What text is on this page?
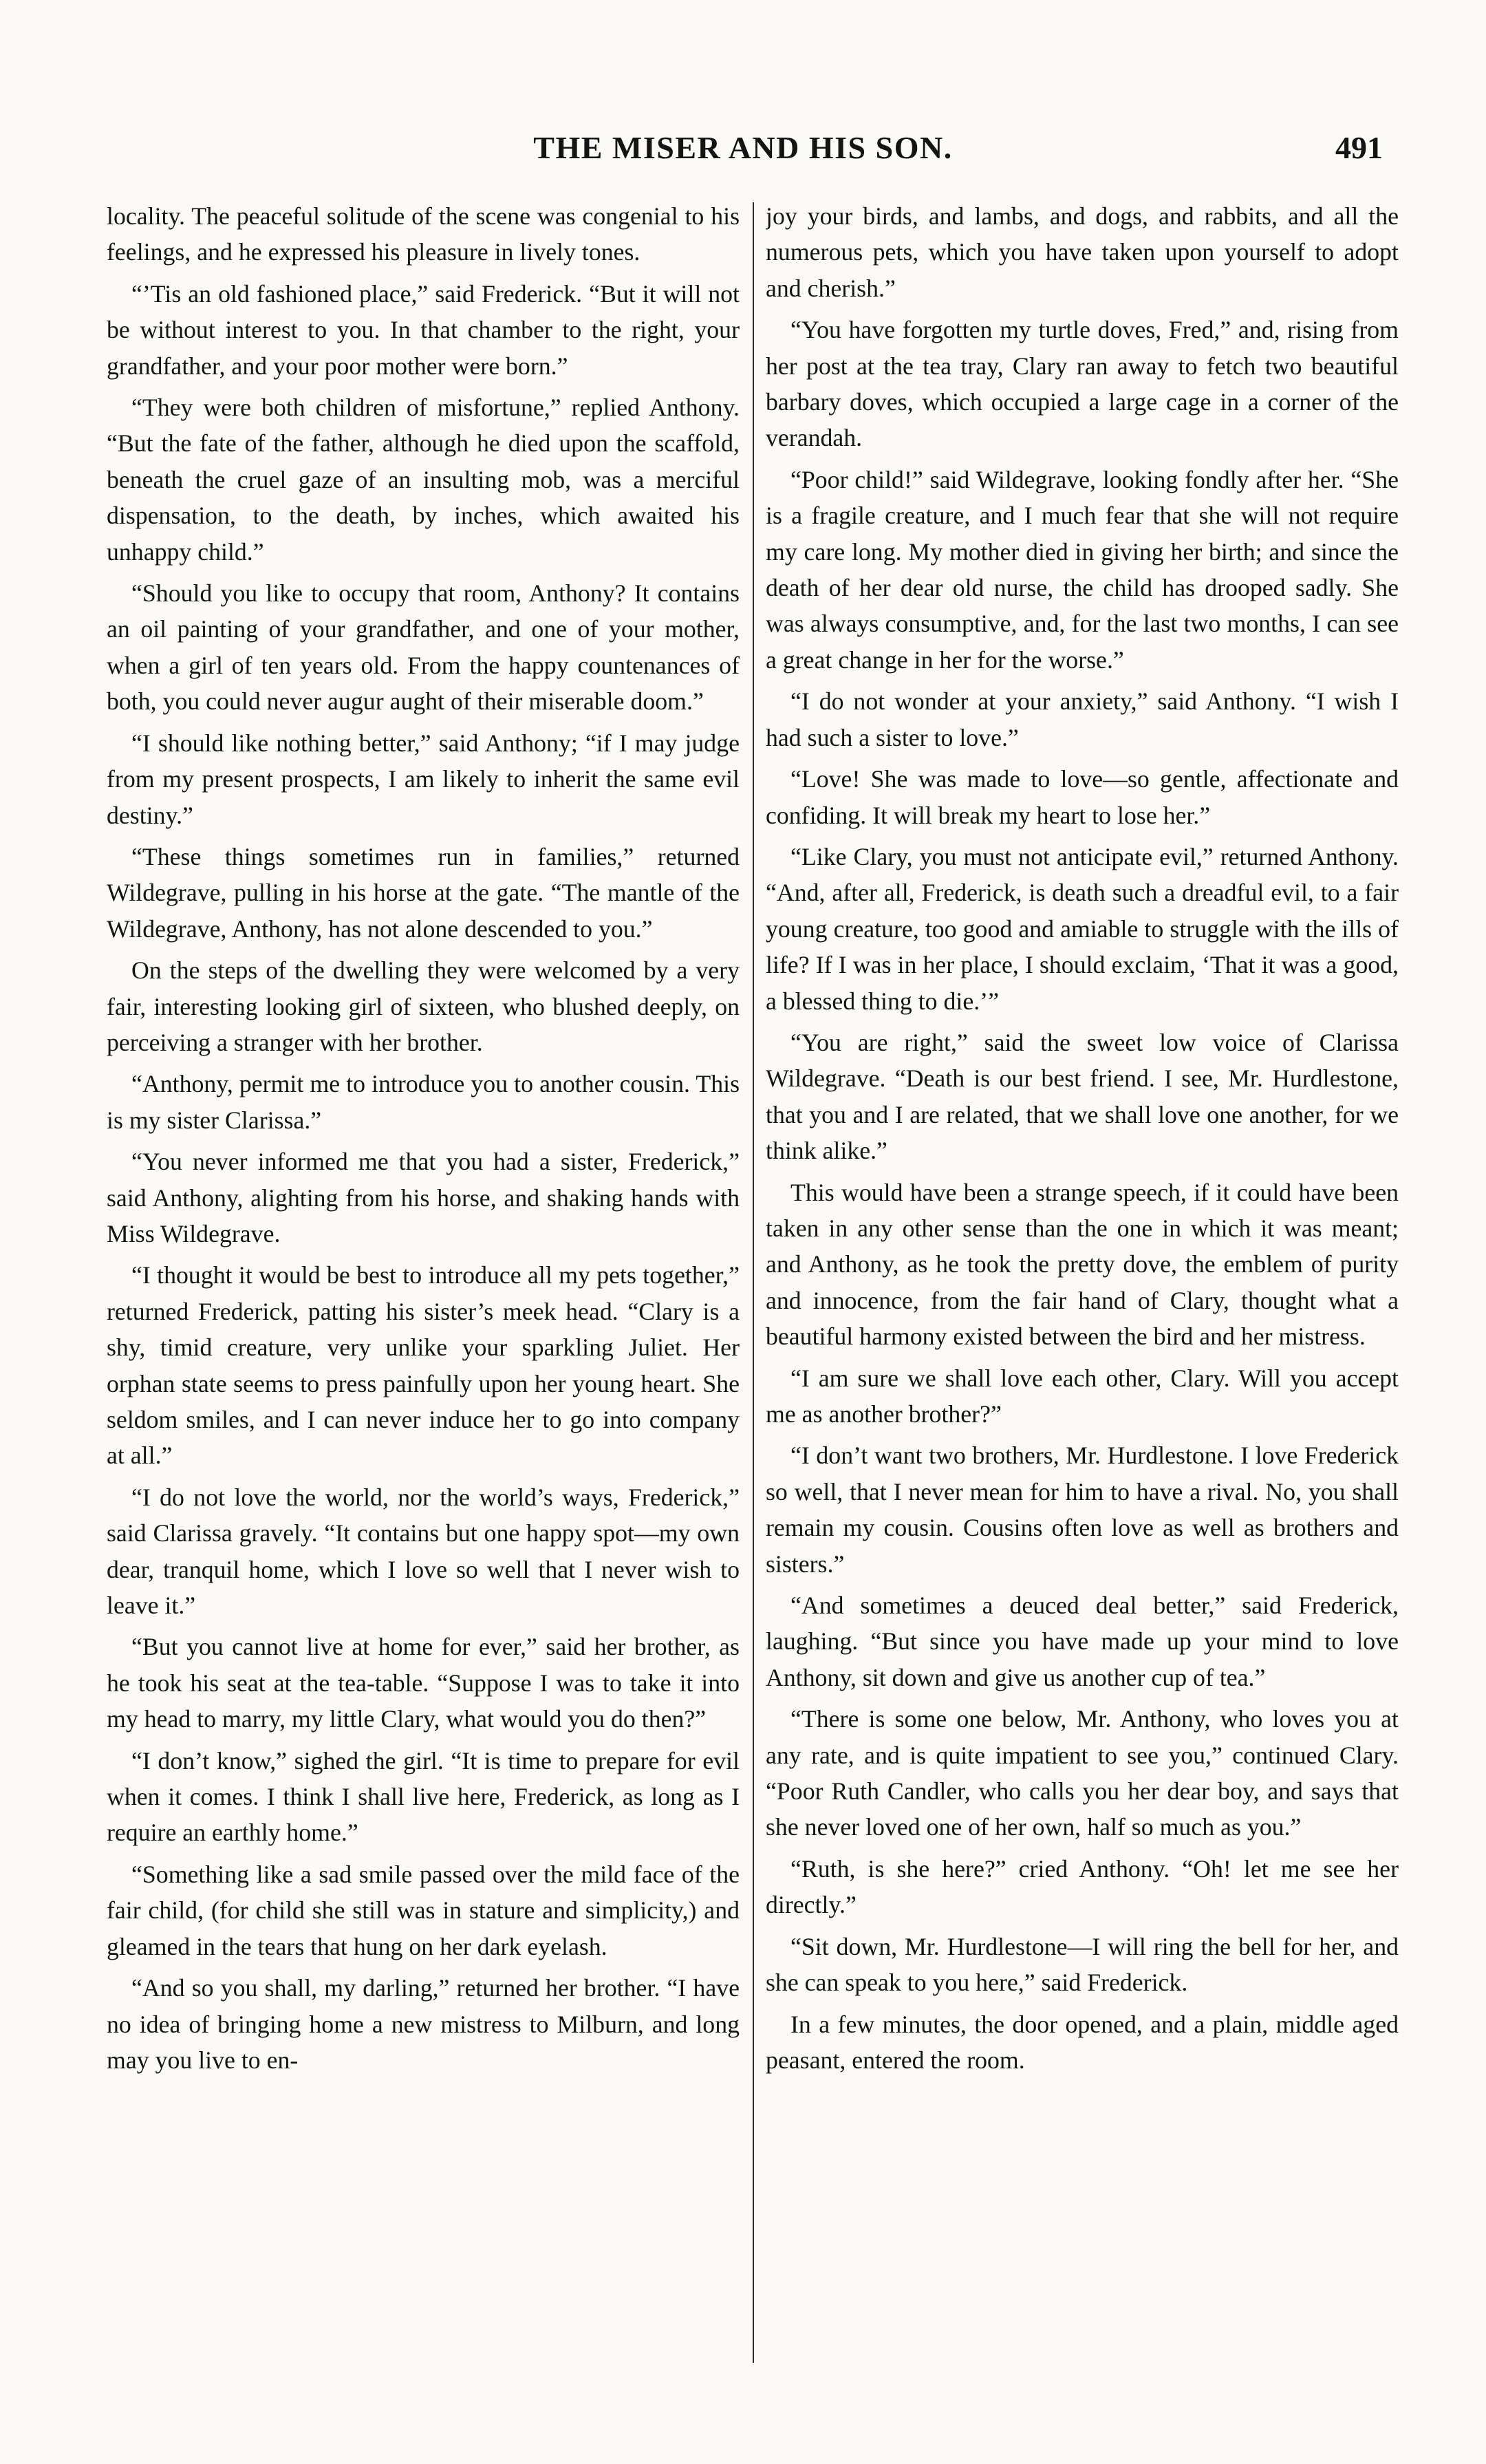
THE MISER AND HIS SON.	491

locality. The peaceful solitude of the scene was congenial to his feelings, and he expressed his pleasure in lively tones.

“’Tis an old fashioned place,” said Frederick. “But it will not be without interest to you. In that chamber to the right, your grandfather, and your poor mother were born.”

“They were both children of misfortune,” replied Anthony. “But the fate of the father, although he died upon the scaffold, beneath the cruel gaze of an insulting mob, was a merciful dispensation, to the death, by inches, which awaited his unhappy child.”

“Should you like to occupy that room, Anthony? It contains an oil painting of your grandfather, and one of your mother, when a girl of ten years old. From the happy countenances of both, you could never augur aught of their miserable doom.”

“I should like nothing better,” said Anthony; “if I may judge from my present prospects, I am likely to inherit the same evil destiny.”

“These things sometimes run in families,” returned Wildegrave, pulling in his horse at the gate. “The mantle of the Wildegrave, Anthony, has not alone descended to you.”

On the steps of the dwelling they were welcomed by a very fair, interesting looking girl of sixteen, who blushed deeply, on perceiving a stranger with her brother.

“Anthony, permit me to introduce you to another cousin. This is my sister Clarissa.”

“You never informed me that you had a sister, Frederick,” said Anthony, alighting from his horse, and shaking hands with Miss Wildegrave.

“I thought it would be best to introduce all my pets together,” returned Frederick, patting his sister’s meek head. “Clary is a shy, timid creature, very unlike your sparkling Juliet. Her orphan state seems to press painfully upon her young heart. She seldom smiles, and I can never induce her to go into company at all.”

“I do not love the world, nor the world’s ways, Frederick,” said Clarissa gravely. “It contains but one happy spot—my own dear, tranquil home, which I love so well that I never wish to leave it.”

“But you cannot live at home for ever,” said her brother, as he took his seat at the tea-table. “Suppose I was to take it into my head to marry, my little Clary, what would you do then?”

“I don’t know,” sighed the girl. “It is time to prepare for evil when it comes. I think I shall live here, Frederick, as long as I require an earthly home.”

“Something like a sad smile passed over the mild face of the fair child, (for child she still was in stature and simplicity,) and gleamed in the tears that hung on her dark eyelash.

“And so you shall, my darling,” returned her brother. “I have no idea of bringing home a new mistress to Milburn, and long may you live to en-

joy your birds, and lambs, and dogs, and rabbits, and all the numerous pets, which you have taken upon yourself to adopt and cherish.”

“You have forgotten my turtle doves, Fred,” and, rising from her post at the tea tray, Clary ran away to fetch two beautiful barbary doves, which occupied a large cage in a corner of the verandah.

“Poor child!” said Wildegrave, looking fondly after her. “She is a fragile creature, and I much fear that she will not require my care long. My mother died in giving her birth; and since the death of her dear old nurse, the child has drooped sadly. She was always consumptive, and, for the last two months, I can see a great change in her for the worse.”

“I do not wonder at your anxiety,” said Anthony. “I wish I had such a sister to love.”

“Love! She was made to love—so gentle, affectionate and confiding. It will break my heart to lose her.”

“Like Clary, you must not anticipate evil,” returned Anthony. “And, after all, Frederick, is death such a dreadful evil, to a fair young creature, too good and amiable to struggle with the ills of life? If I was in her place, I should exclaim, ‘That it was a good, a blessed thing to die.’”

“You are right,” said the sweet low voice of Clarissa Wildegrave. “Death is our best friend. I see, Mr. Hurdlestone, that you and I are related, that we shall love one another, for we think alike.”

This would have been a strange speech, if it could have been taken in any other sense than the one in which it was meant; and Anthony, as he took the pretty dove, the emblem of purity and innocence, from the fair hand of Clary, thought what a beautiful harmony existed between the bird and her mistress.

“I am sure we shall love each other, Clary. Will you accept me as another brother?”

“I don’t want two brothers, Mr. Hurdlestone. I love Frederick so well, that I never mean for him to have a rival. No, you shall remain my cousin. Cousins often love as well as brothers and sisters.”

“And sometimes a deuced deal better,” said Frederick, laughing. “But since you have made up your mind to love Anthony, sit down and give us another cup of tea.”

“There is some one below, Mr. Anthony, who loves you at any rate, and is quite impatient to see you,” continued Clary. “Poor Ruth Candler, who calls you her dear boy, and says that she never loved one of her own, half so much as you.”

“Ruth, is she here?” cried Anthony. “Oh! let me see her directly.”

“Sit down, Mr. Hurdlestone—I will ring the bell for her, and she can speak to you here,” said Frederick.

In a few minutes, the door opened, and a plain, middle aged peasant, entered the room.
